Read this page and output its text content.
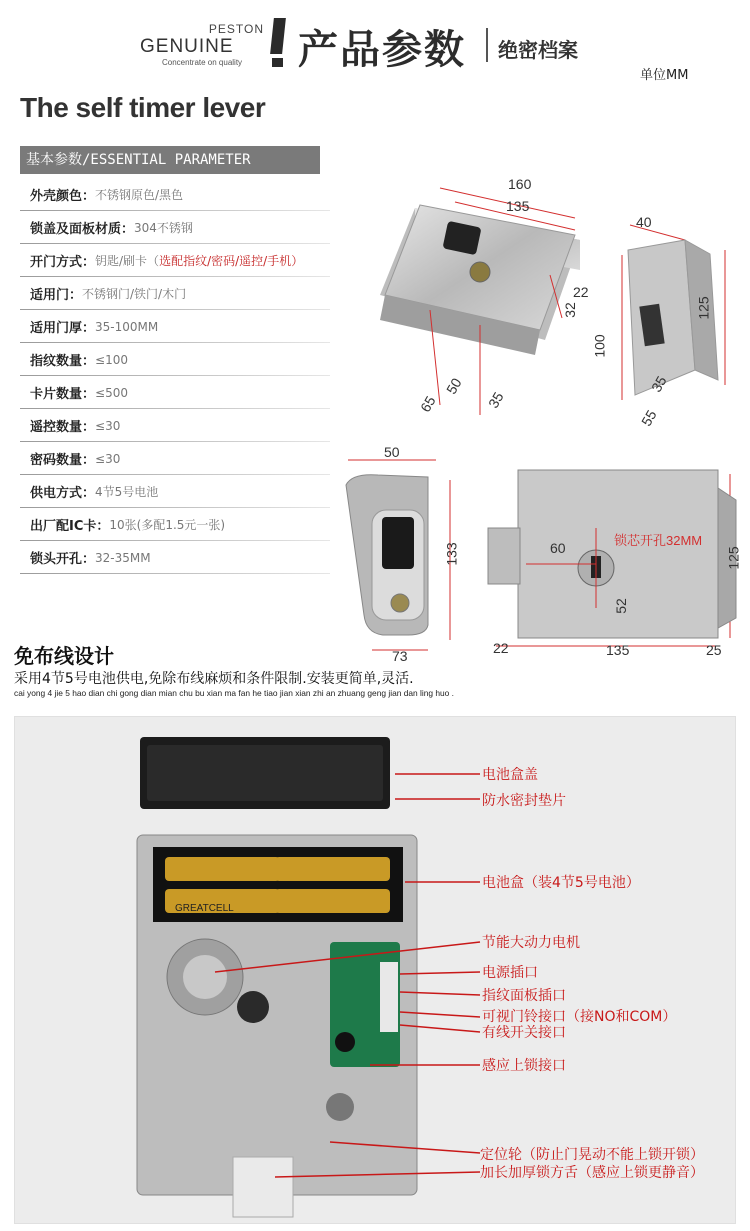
PESTON
GENUINE
Concentrate on quality 产品参数 绝密档案
单位MM
The self timer lever
基本参数/ESSENTIAL PARAMETER
外壳颜色： 不锈钢原色/黑色
锁盖及面板材质： 304不锈钢
开门方式： 钥匙/刷卡（ 选配指纹/密码/遥控/手机）
适用门： 不锈钢门/铁门/木门
适用门厚： 35-100MM
指纹数量： ≤100
卡片数量： ≤500
遥控数量： ≤30
密码数量： ≤30
供电方式： 4节5号电池
出厂配IC卡： 10张(多配1.5元一张)
锁头开孔： 32-35MM
160
135
22
32
50
65	35
40
125
100
35
55
50
133
73
锁芯开孔32MM
60
52
125
22	135	25
免布线设计
采用4节5号电池供电,免除布线麻烦和条件限制.安装更简单,灵活.
cai yong 4 jie 5 hao dian chi gong dian mian chu bu xian ma fan he tiao jian xian zhi an zhuang geng jian dan ling huo .
GREATCELL
电池盒盖
防水密封垫片
电池盒（装4节5号电池）
节能大动力电机
电源插口
指纹面板插口
可视门铃接口（接NO和COM）
有线开关接口
感应上锁接口
定位轮（防止门晃动不能上锁开锁）
加长加厚锁方舌（感应上锁更静音）
